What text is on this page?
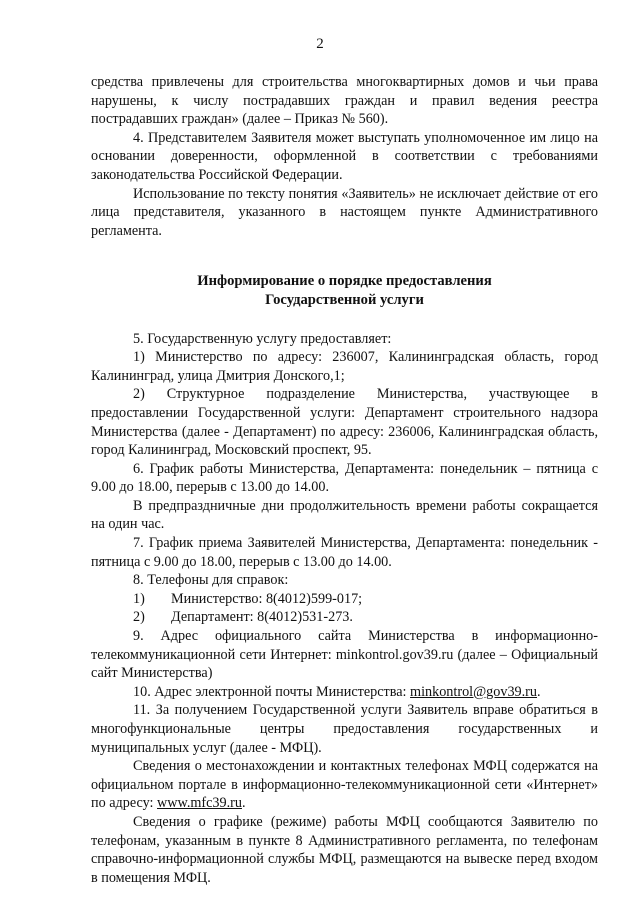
2

средства привлечены для строительства многоквартирных домов и чьи права нарушены, к числу пострадавших граждан и правил ведения реестра пострадавших граждан» (далее – Приказ № 560).

4. Представителем Заявителя может выступать уполномоченное им лицо на основании доверенности, оформленной в соответствии с требованиями законодательства Российской Федерации.

Использование по тексту понятия «Заявитель» не исключает действие от его лица представителя, указанного в настоящем пункте Административного регламента.

Информирование о порядке предоставления
Государственной услуги

5. Государственную услугу предоставляет:

1) Министерство по адресу: 236007, Калининградская область, город Калининград, улица Дмитрия Донского,1;

2) Структурное подразделение Министерства, участвующее в предоставлении Государственной услуги: Департамент строительного надзора Министерства (далее - Департамент) по адресу: 236006, Калининградская область, город Калининград, Московский проспект, 95.

6. График работы Министерства, Департамента: понедельник – пятница с 9.00 до 18.00, перерыв с 13.00 до 14.00.

В предпраздничные дни продолжительность времени работы сокращается на один час.

7. График приема Заявителей Министерства, Департамента: понедельник - пятница с 9.00 до 18.00, перерыв с 13.00 до 14.00.

8. Телефоны для справок:

1)	Министерство: 8(4012)599-017;
2)	Департамент: 8(4012)531-273.

9. Адрес официального сайта Министерства в информационно-телекоммуникационной сети Интернет: minkontrol.gov39.ru (далее – Официальный сайт Министерства)

10. Адрес электронной почты Министерства: minkontrol@gov39.ru.

11. За получением Государственной услуги Заявитель вправе обратиться в многофункциональные центры предоставления государственных и муниципальных услуг (далее - МФЦ).

Сведения о местонахождении и контактных телефонах МФЦ содержатся на официальном портале в информационно-телекоммуникационной сети «Интернет» по адресу: www.mfc39.ru.

Сведения о графике (режиме) работы МФЦ сообщаются Заявителю по телефонам, указанным в пункте 8 Административного регламента, по телефонам справочно-информационной службы МФЦ, размещаются на вывеске перед входом в помещения МФЦ.
